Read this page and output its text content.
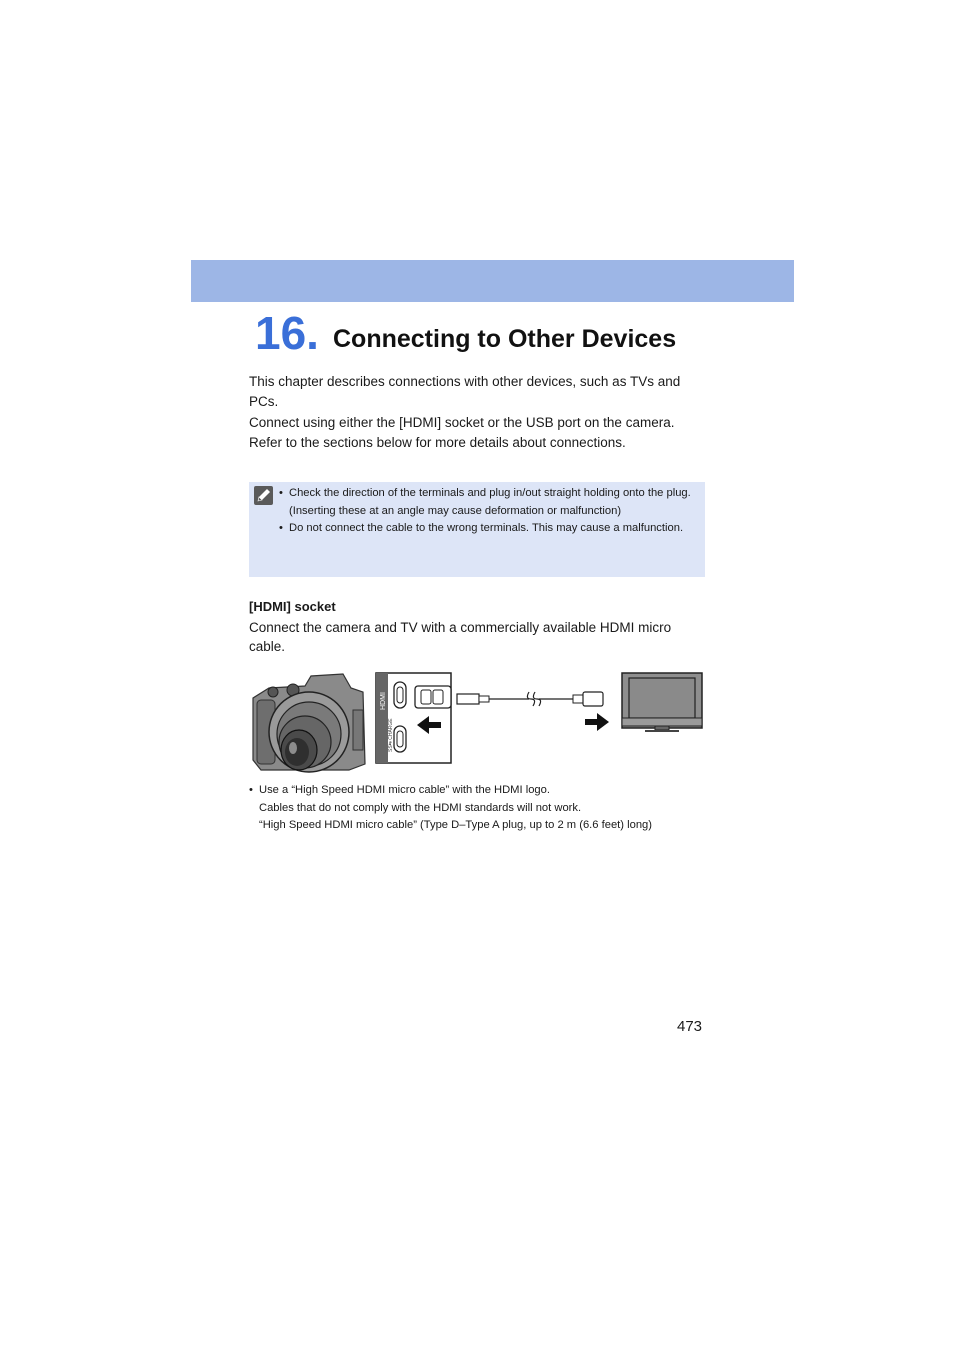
16. Connecting to Other Devices

This chapter describes connections with other devices, such as TVs and PCs.

Connect using either the [HDMI] socket or the USB port on the camera.

Refer to the sections below for more details about connections.

• Check the direction of the terminals and plug in/out straight holding onto the plug.
(Inserting these at an angle may cause deformation or malfunction)
• Do not connect the cable to the wrong terminals. This may cause a malfunction.
[HDMI] socket
Connect the camera and TV with a commercially available HDMI micro cable.
HDMI
SS⇆ CHARGE
• Use a “High Speed HDMI micro cable” with the HDMI logo.
Cables that do not comply with the HDMI standards will not work.
“High Speed HDMI micro cable” (Type D–Type A plug, up to 2 m (6.6 feet) long)
473
